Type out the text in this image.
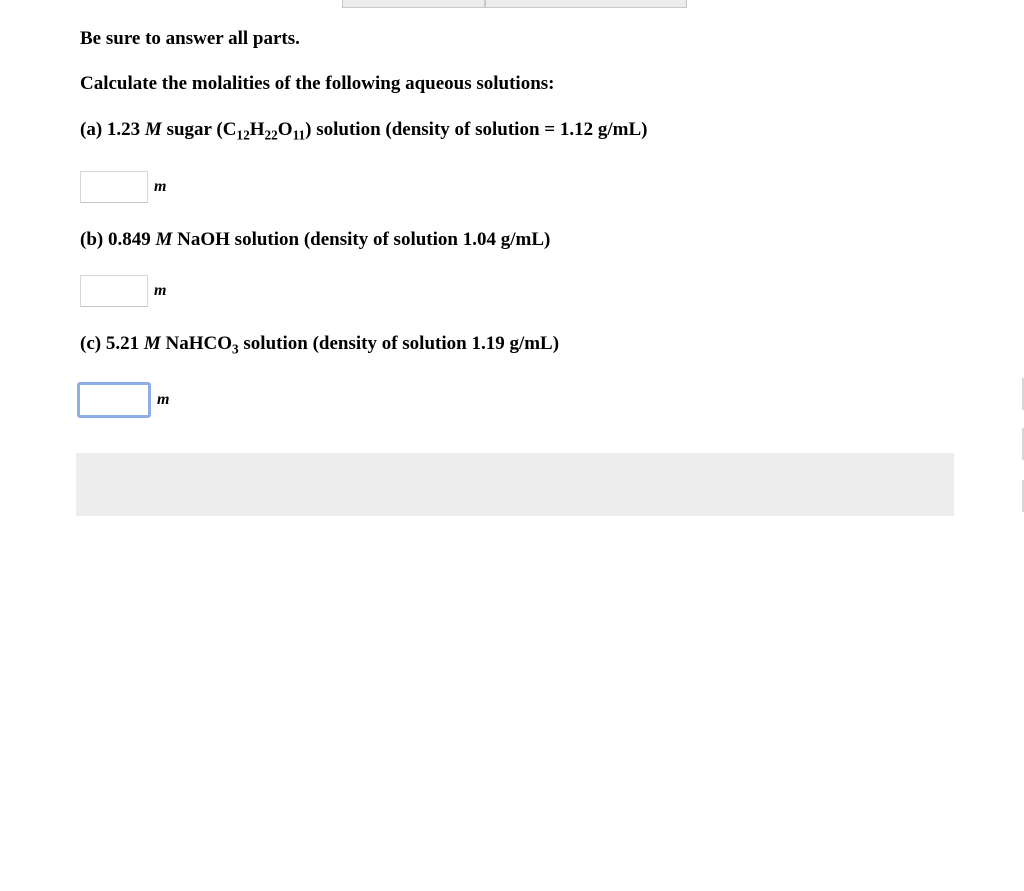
Be sure to answer all parts.
Calculate the molalities of the following aqueous solutions:
(a) 1.23 M sugar $(C_{12}H_{22}O_{11})$ solution (density of solution = 1.12 g/mL)
m
(b) 0.849 M NaOH solution (density of solution 1.04 g/mL)
m
(c) 5.21 M NaHCO$_3$ solution (density of solution 1.19 g/mL)
m
